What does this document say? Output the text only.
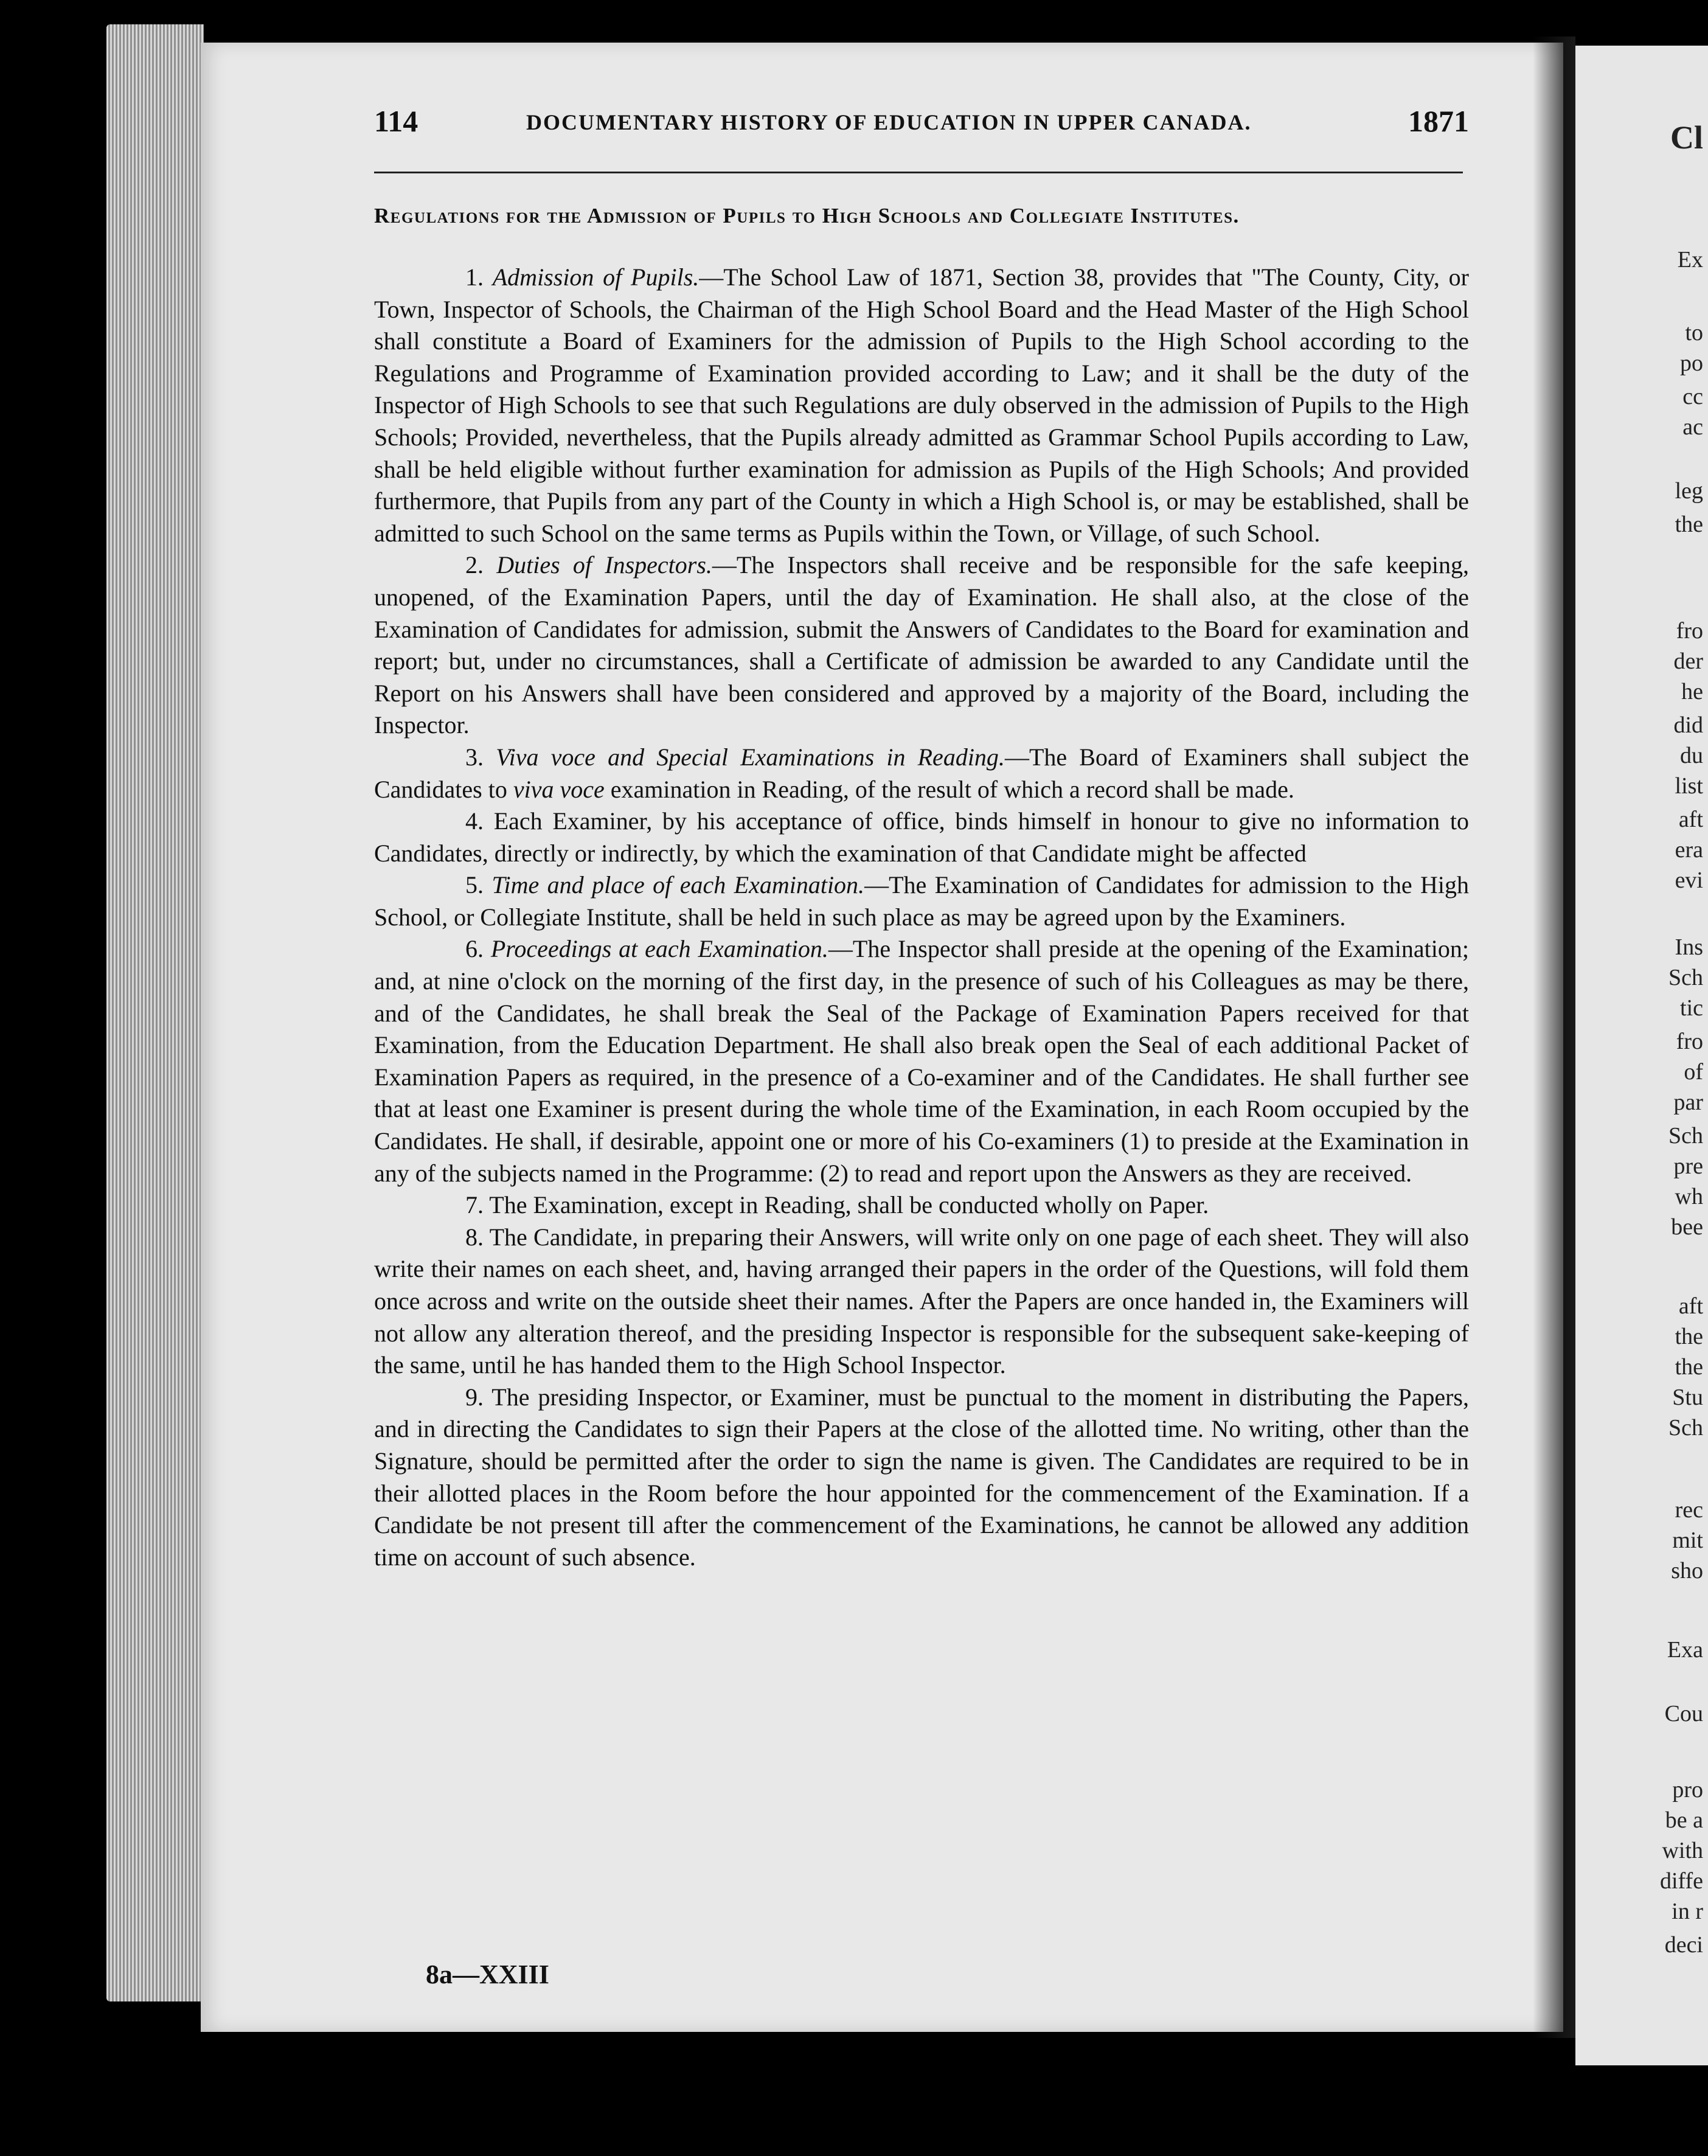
Cl
Ex
to
po
cc
ac
leg
the
fro
der
he
did
du
list
aft
era
evi
Ins
Sch
tic
fro
of
par
Sch
pre
wh
bee
aft
the
the
Stu
Sch
rec
mit
sho
Exa
Cou
pro
be a
with
diffe
in r
deci
114	DOCUMENTARY HISTORY OF EDUCATION IN UPPER CANADA.	1871
Regulations for the Admission of Pupils to High Schools and Collegiate Institutes.

1. Admission of Pupils.—The School Law of 1871, Section 38, provides that "The County, City, or Town, Inspector of Schools, the Chairman of the High School Board and the Head Master of the High School shall constitute a Board of Examiners for the admission of Pupils to the High School according to the Regulations and Programme of Examination provided according to Law; and it shall be the duty of the Inspector of High Schools to see that such Regulations are duly observed in the admission of Pupils to the High Schools; Provided, nevertheless, that the Pupils already admitted as Grammar School Pupils according to Law, shall be held eligible without further examination for admission as Pupils of the High Schools; And provided furthermore, that Pupils from any part of the County in which a High School is, or may be established, shall be admitted to such School on the same terms as Pupils within the Town, or Village, of such School.

2. Duties of Inspectors.—The Inspectors shall receive and be responsible for the safe keeping, unopened, of the Examination Papers, until the day of Examination. He shall also, at the close of the Examination of Candidates for admission, submit the Answers of Candidates to the Board for examination and report; but, under no circumstances, shall a Certificate of admission be awarded to any Candidate until the Report on his Answers shall have been considered and approved by a majority of the Board, including the Inspector.

3. Viva voce and Special Examinations in Reading.—The Board of Examiners shall subject the Candidates to viva voce examination in Reading, of the result of which a record shall be made.

4. Each Examiner, by his acceptance of office, binds himself in honour to give no information to Candidates, directly or indirectly, by which the examination of that Candidate might be affected

5. Time and place of each Examination.—The Examination of Candidates for admission to the High School, or Collegiate Institute, shall be held in such place as may be agreed upon by the Examiners.

6. Proceedings at each Examination.—The Inspector shall preside at the opening of the Examination; and, at nine o'clock on the morning of the first day, in the presence of such of his Colleagues as may be there, and of the Candidates, he shall break the Seal of the Package of Examination Papers received for that Examination, from the Education Department. He shall also break open the Seal of each additional Packet of Examination Papers as required, in the presence of a Co-examiner and of the Candidates. He shall further see that at least one Examiner is present during the whole time of the Examination, in each Room occupied by the Candidates. He shall, if desirable, appoint one or more of his Co-examiners (1) to preside at the Examination in any of the subjects named in the Programme: (2) to read and report upon the Answers as they are received.

7. The Examination, except in Reading, shall be conducted wholly on Paper.

8. The Candidate, in preparing their Answers, will write only on one page of each sheet. They will also write their names on each sheet, and, having arranged their papers in the order of the Questions, will fold them once across and write on the outside sheet their names. After the Papers are once handed in, the Examiners will not allow any alteration thereof, and the presiding Inspector is responsible for the subsequent sake-keeping of the same, until he has handed them to the High School Inspector.

9. The presiding Inspector, or Examiner, must be punctual to the moment in distributing the Papers, and in directing the Candidates to sign their Papers at the close of the allotted time. No writing, other than the Signature, should be permitted after the order to sign the name is given. The Candidates are required to be in their allotted places in the Room before the hour appointed for the commencement of the Examination. If a Candidate be not present till after the commencement of the Examinations, he cannot be allowed any addition time on account of such absence.

8a—XXIII
